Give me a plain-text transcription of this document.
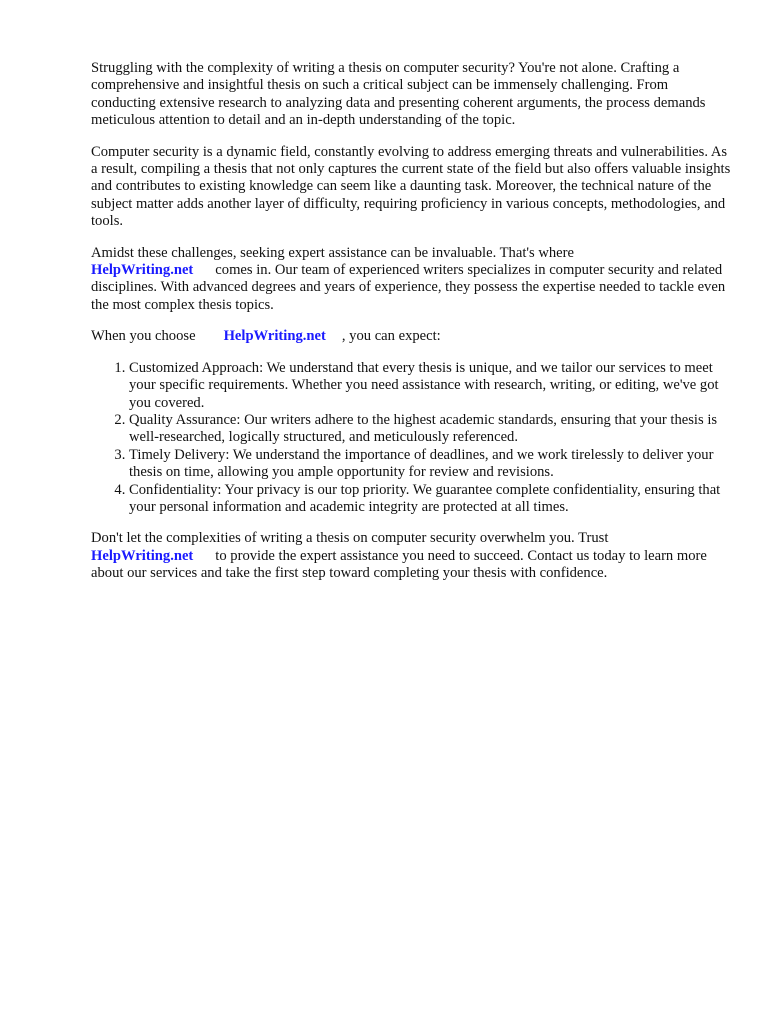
Struggling with the complexity of writing a thesis on computer security? You're not alone. Crafting a comprehensive and insightful thesis on such a critical subject can be immensely challenging. From conducting extensive research to analyzing data and presenting coherent arguments, the process demands meticulous attention to detail and an in-depth understanding of the topic.

Computer security is a dynamic field, constantly evolving to address emerging threats and vulnerabilities. As a result, compiling a thesis that not only captures the current state of the field but also offers valuable insights and contributes to existing knowledge can seem like a daunting task. Moreover, the technical nature of the subject matter adds another layer of difficulty, requiring proficiency in various concepts, methodologies, and tools.

Amidst these challenges, seeking expert assistance can be invaluable. That's where
HelpWriting.net comes in. Our team of experienced writers specializes in computer security and related disciplines. With advanced degrees and years of experience, they possess the expertise needed to tackle even the most complex thesis topics.

When you choose HelpWriting.net , you can expect:

1. Customized Approach: We understand that every thesis is unique, and we tailor our services to meet your specific requirements. Whether you need assistance with research, writing, or editing, we've got you covered.
2. Quality Assurance: Our writers adhere to the highest academic standards, ensuring that your thesis is well-researched, logically structured, and meticulously referenced.
3. Timely Delivery: We understand the importance of deadlines, and we work tirelessly to deliver your thesis on time, allowing you ample opportunity for review and revisions.
4. Confidentiality: Your privacy is our top priority. We guarantee complete confidentiality, ensuring that your personal information and academic integrity are protected at all times.

Don't let the complexities of writing a thesis on computer security overwhelm you. Trust
HelpWriting.net to provide the expert assistance you need to succeed. Contact us today to learn more about our services and take the first step toward completing your thesis with confidence.
